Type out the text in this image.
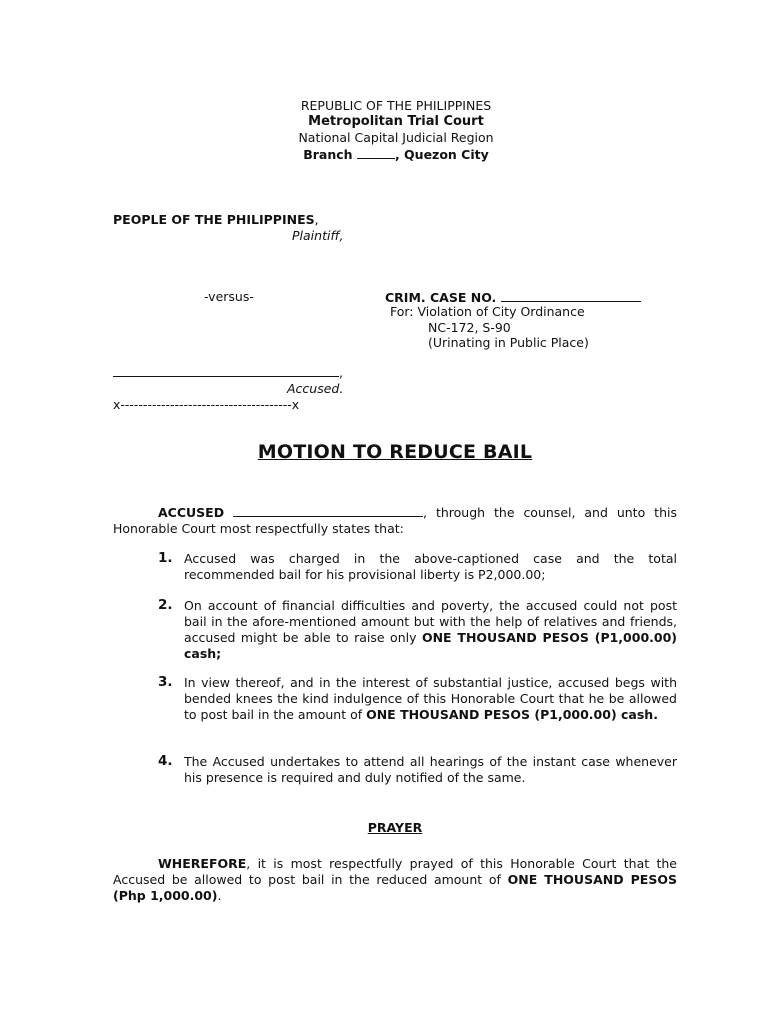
REPUBLIC OF THE PHILIPPINES
Metropolitan Trial Court
National Capital Judicial Region
Branch	, Quezon City
PEOPLE OF THE PHILIPPINES,
Plaintiff,
-versus-	CRIM. CASE NO.
For: Violation of City Ordinance
NC-172, S-90
(Urinating in Public Place)
,
Accused.
x--------------------------------------x
MOTION TO REDUCE BAIL
ACCUSED	, through the counsel, and unto this Honorable Court most respectfully states that:
1. Accused was charged in the above-captioned case and the total recommended bail for his provisional liberty is P2,000.00;
2. On account of financial difficulties and poverty, the accused could not post bail in the afore-mentioned amount but with the help of relatives and friends, accused might be able to raise only ONE THOUSAND PESOS (P1,000.00) cash;
3. In view thereof, and in the interest of substantial justice, accused begs with bended knees the kind indulgence of this Honorable Court that he be allowed to post bail in the amount of ONE THOUSAND PESOS (P1,000.00) cash.
4. The Accused undertakes to attend all hearings of the instant case whenever his presence is required and duly notified of the same.
PRAYER
WHEREFORE, it is most respectfully prayed of this Honorable Court that the Accused be allowed to post bail in the reduced amount of ONE THOUSAND PESOS (Php 1,000.00).
